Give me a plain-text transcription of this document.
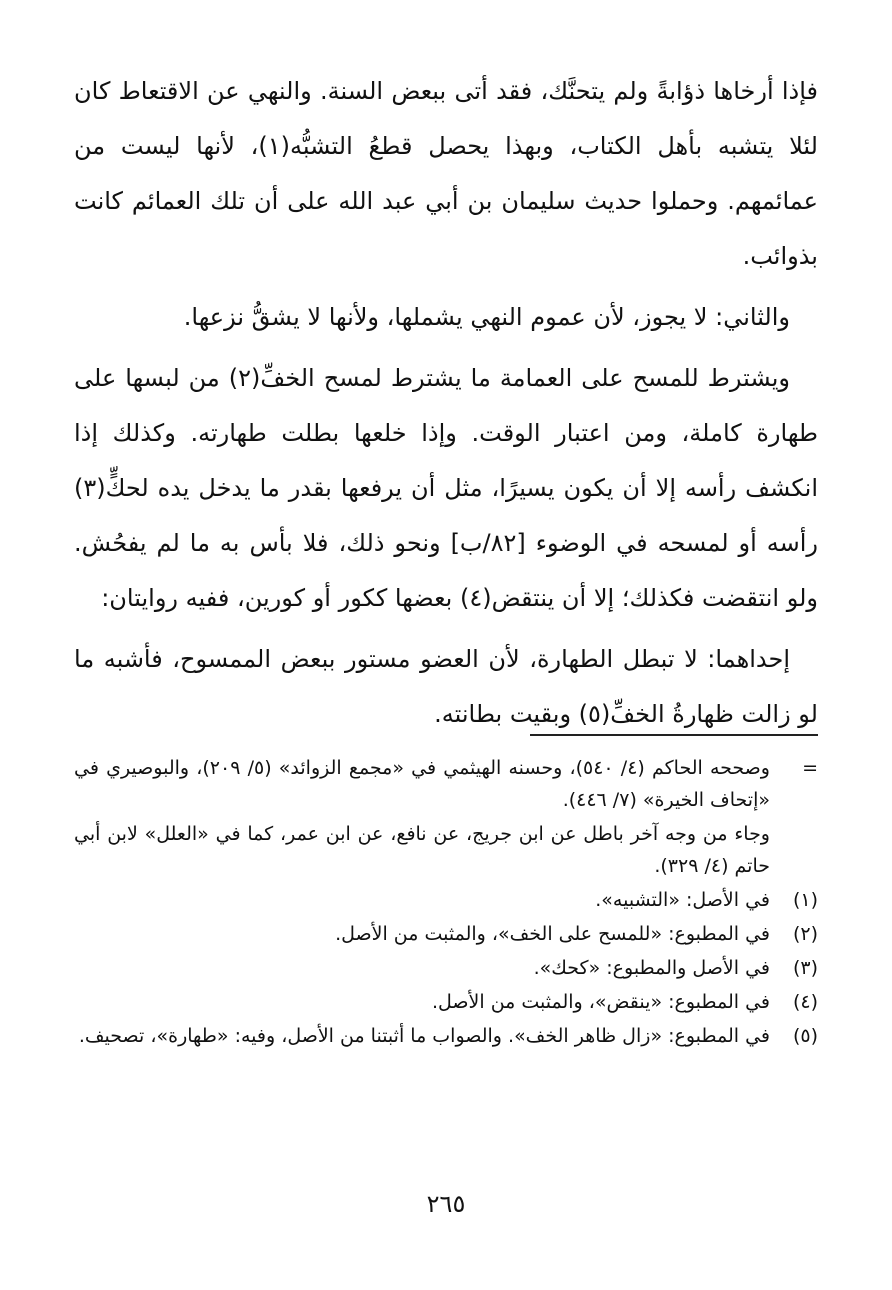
فإذا أرخاها ذؤابةً ولم يتحنَّك، فقد أتى ببعض السنة. والنهي عن الاقتعاط كان لئلا يتشبه بأهل الكتاب، وبهذا يحصل قطعُ التشبُّه(١)، لأنها ليست من عمائمهم. وحملوا حديث سليمان بن أبي عبد الله على أن تلك العمائم كانت بذوائب.

والثاني: لا يجوز، لأن عموم النهي يشملها، ولأنها لا يشقُّ نزعها.

ويشترط للمسح على العمامة ما يشترط لمسح الخفِّ(٢) من لبسها على طهارة كاملة، ومن اعتبار الوقت. وإذا خلعها بطلت طهارته. وكذلك إذا انكشف رأسه إلا أن يكون يسيرًا، مثل أن يرفعها بقدر ما يدخل يده لحكٍّ(٣) رأسه أو لمسحه في الوضوء [٨٢/ب] ونحو ذلك، فلا بأس به ما لم يفحُش. ولو انتقضت فكذلك؛ إلا أن ينتقض(٤) بعضها ككور أو كورين، ففيه روايتان:

إحداهما: لا تبطل الطهارة، لأن العضو مستور ببعض الممسوح، فأشبه ما لو زالت ظهارةُ الخفِّ(٥) وبقيت بطانته.

=
وصححه الحاكم (٤/ ٥٤٠)، وحسنه الهيثمي في «مجمع الزوائد» (٥/ ٢٠٩)، والبوصيري في «إتحاف الخيرة» (٧/ ٤٤٦).
وجاء من وجه آخر باطل عن ابن جريج، عن نافع، عن ابن عمر، كما في «العلل» لابن أبي حاتم (٤/ ٣٢٩).
(١)
في الأصل: «التشبيه».
(٢)
في المطبوع: «للمسح على الخف»، والمثبت من الأصل.
(٣)
في الأصل والمطبوع: «كحك».
(٤)
في المطبوع: «ينقض»، والمثبت من الأصل.
(٥)
في المطبوع: «زال ظاهر الخف». والصواب ما أثبتنا من الأصل، وفيه: «طهارة»، تصحيف.
٢٦٥
